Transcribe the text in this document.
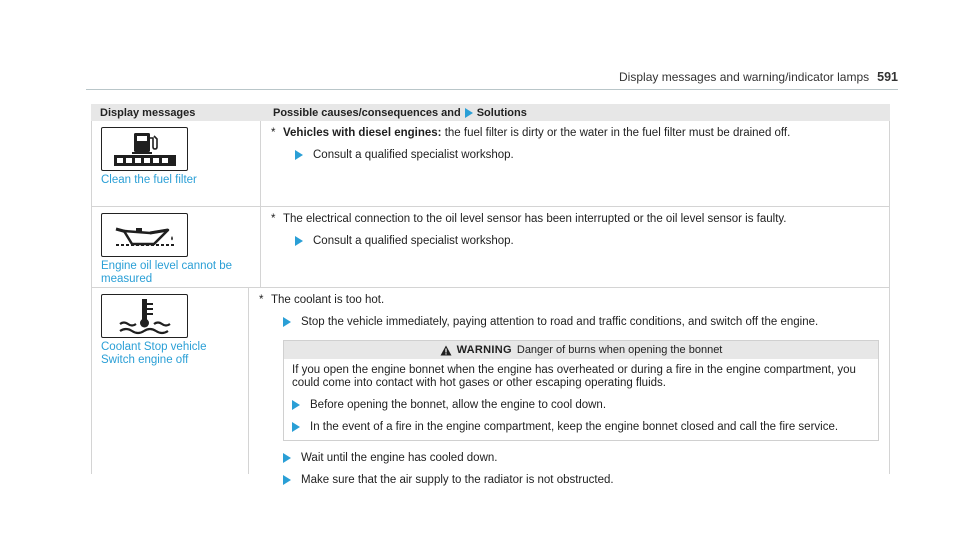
Display messages and warning/indicator lamps 591
Display messages	Possible causes/consequences and Solutions
Clean the fuel filter
* Vehicles with diesel engines: the fuel filter is dirty or the water in the fuel filter must be drained off.
Consult a qualified specialist workshop.
Engine oil level cannot be
measured
* The electrical connection to the oil level sensor has been interrupted or the oil level sensor is faulty.
Consult a qualified specialist workshop.
Coolant Stop vehicle
Switch engine off
* The coolant is too hot.
Stop the vehicle immediately, paying attention to road and traffic conditions, and switch off the engine.
WARNING Danger of burns when opening the bonnet
If you open the engine bonnet when the engine has overheated or during a fire in the engine compartment, you could come into contact with hot gases or other escaping operating fluids.
Before opening the bonnet, allow the engine to cool down.
In the event of a fire in the engine compartment, keep the engine bonnet closed and call the fire service.
Wait until the engine has cooled down.
Make sure that the air supply to the radiator is not obstructed.
